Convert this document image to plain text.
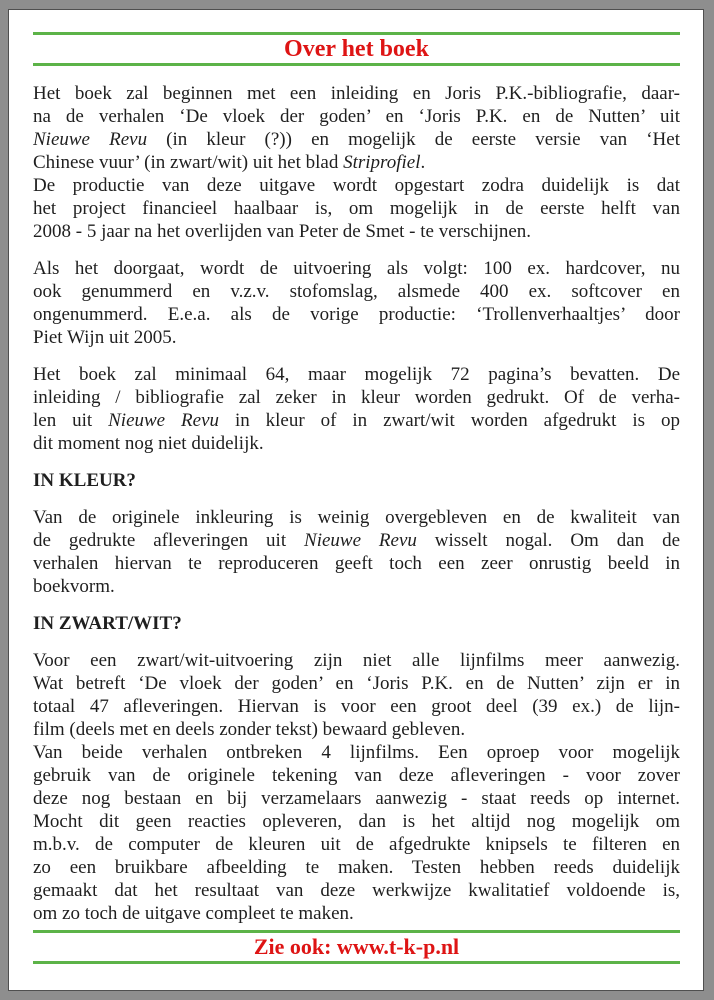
Over het boek
Het boek zal beginnen met een inleiding en Joris P.K.-bibliografie, daar-
na de verhalen ‘De vloek der goden’ en ‘Joris P.K. en de Nutten’ uit
Nieuwe Revu (in kleur (?)) en mogelijk de eerste versie van ‘Het
Chinese vuur’ (in zwart/wit) uit het blad Striprofiel.
De productie van deze uitgave wordt opgestart zodra duidelijk is dat
het project financieel haalbaar is, om mogelijk in de eerste helft van
2008 - 5 jaar na het overlijden van Peter de Smet - te verschijnen.
Als het doorgaat, wordt de uitvoering als volgt: 100 ex. hardcover, nu
ook genummerd en v.z.v. stofomslag, alsmede 400 ex. softcover en
ongenummerd. E.e.a. als de vorige productie: ‘Trollenverhaaltjes’ door
Piet Wijn uit 2005.
Het boek zal minimaal 64, maar mogelijk 72 pagina’s bevatten. De
inleiding / bibliografie zal zeker in kleur worden gedrukt. Of de verha-
len uit Nieuwe Revu in kleur of in zwart/wit worden afgedrukt is op
dit moment nog niet duidelijk.
IN KLEUR?
Van de originele inkleuring is weinig overgebleven en de kwaliteit van
de gedrukte afleveringen uit Nieuwe Revu wisselt nogal. Om dan de
verhalen hiervan te reproduceren geeft toch een zeer onrustig beeld in
boekvorm.
IN ZWART/WIT?
Voor een zwart/wit-uitvoering zijn niet alle lijnfilms meer aanwezig.
Wat betreft ‘De vloek der goden’ en ‘Joris P.K. en de Nutten’ zijn er in
totaal 47 afleveringen. Hiervan is voor een groot deel (39 ex.) de lijn-
film (deels met en deels zonder tekst) bewaard gebleven.
Van beide verhalen ontbreken 4 lijnfilms. Een oproep voor mogelijk
gebruik van de originele tekening van deze afleveringen - voor zover
deze nog bestaan en bij verzamelaars aanwezig - staat reeds op internet.
Mocht dit geen reacties opleveren, dan is het altijd nog mogelijk om
m.b.v. de computer de kleuren uit de afgedrukte knipsels te filteren en
zo een bruikbare afbeelding te maken. Testen hebben reeds duidelijk
gemaakt dat het resultaat van deze werkwijze kwalitatief voldoende is,
om zo toch de uitgave compleet te maken.
Zie ook: www.t-k-p.nl
